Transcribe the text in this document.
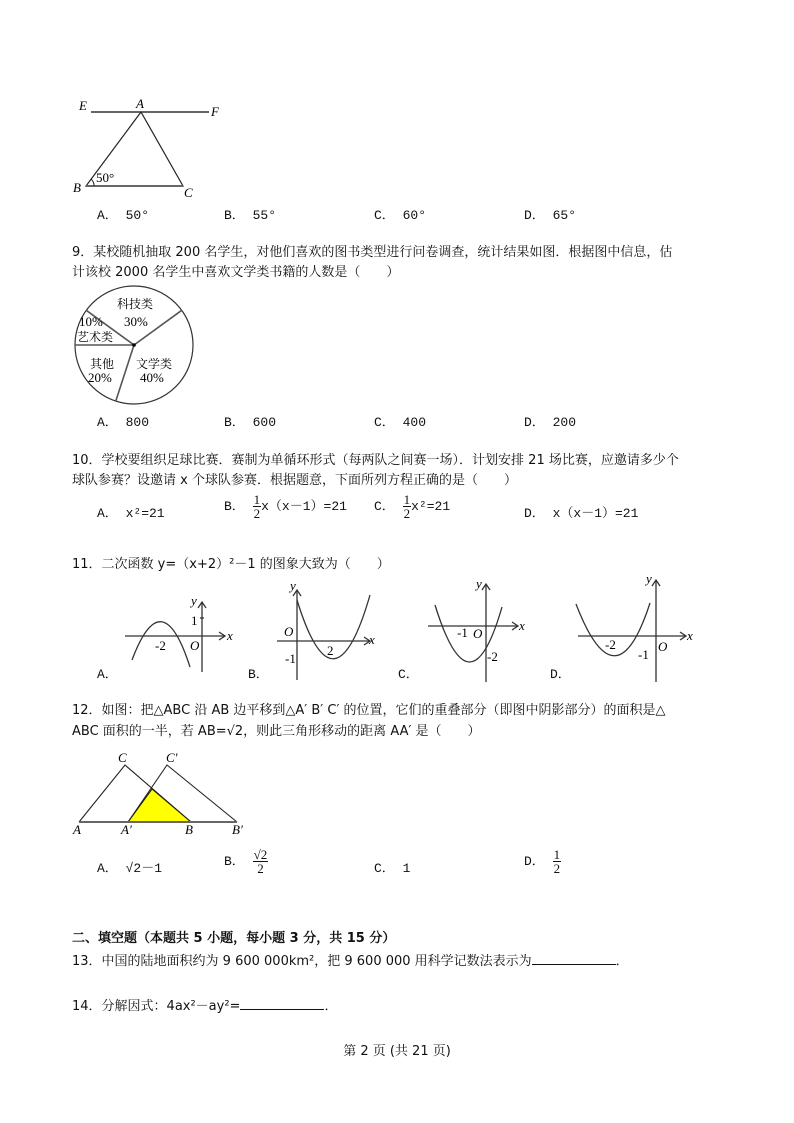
E	A
F
B	C
50°
科技类
30%
10%
艺术类
其他
20%
文学类
40%
y
x
O
y
x
O
y
x
O
y
x
O
1
-2
-1
2
-1
-2
-2
-1
C	C′
A	A′	B	B′
A． 50°	B． 55°	C． 60°	D． 65°
9．某校随机抽取 200 名学生，对他们喜欢的图书类型进行问卷调查，统计结果如图．根据图中信息，估
计该校 2000 名学生中喜欢文学类书籍的人数是（　　）
A． 800	B． 600	C． 400	D． 200
10．学校要组织足球比赛．赛制为单循环形式（每两队之间赛一场）．计划安排 21 场比赛，应邀请多少个
球队参赛？设邀请 x 个球队参赛．根据题意，下面所列方程正确的是（　　）
A． x²=21	B． $\frac{1}{2} x(x-1)=21$ C． $\frac{1}{2} x^2=21$	D． x（x－1）=21
11．二次函数 y=（x+2）²－1 的图象大致为（　　）
A．	B．	C．	D．
12．如图：把△ABC 沿 AB 边平移到△A′ B′ C′ 的位置，它们的重叠部分（即图中阴影部分）的面积是△
ABC 面积的一半，若 AB=√2，则此三角形移动的距离 AA′ 是（　　）
A． √2－1	B． $\frac{√2}{2}$	C． 1	D． $\frac{1}{2}$
二、填空题（本题共 5 小题，每小题 3 分，共 15 分）
13．中国的陆地面积约为 9 600 000km²，把 9 600 000 用科学记数法表示为	．
14．分解因式：4ax²－ay²=	．
第 2 页 (共 21 页)
